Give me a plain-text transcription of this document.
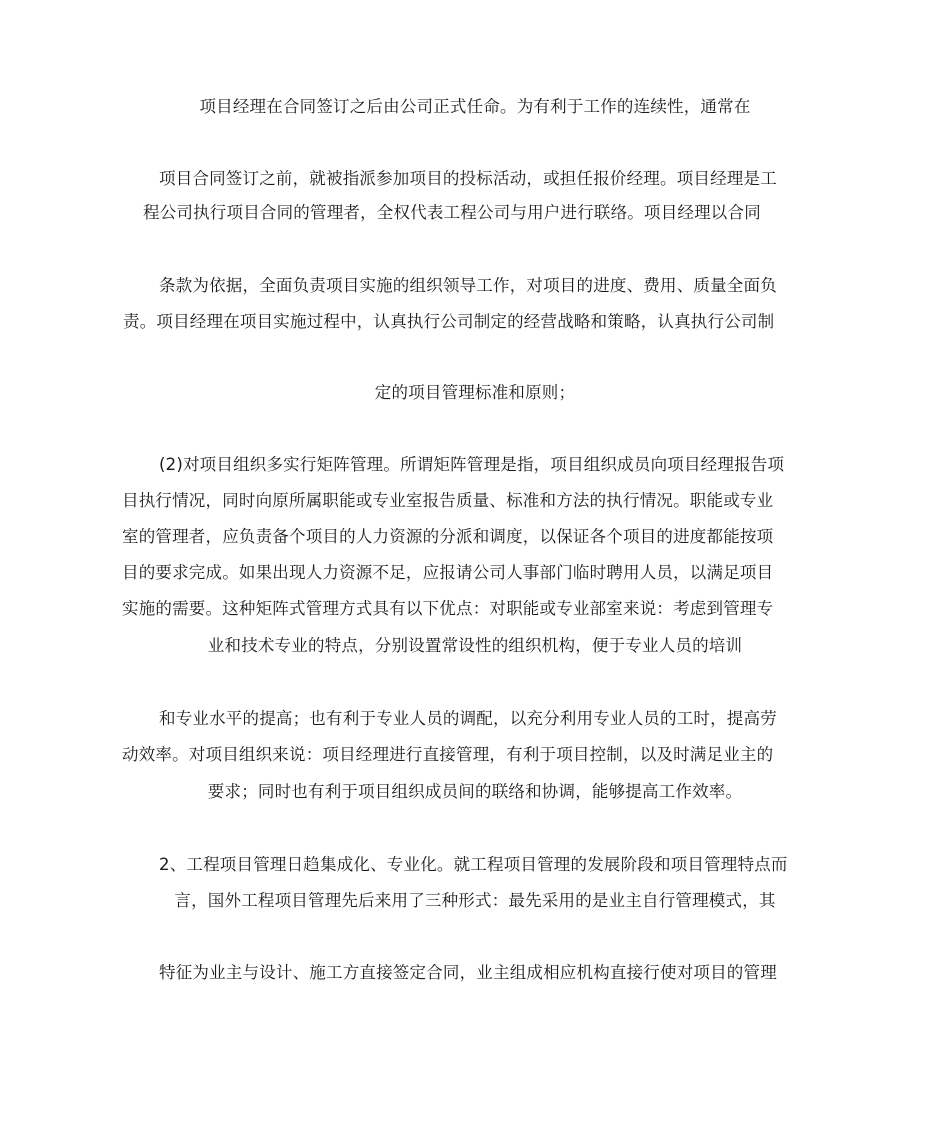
项目经理在合同签订之后由公司正式任命。为有利于工作的连续性，通常在
项目合同签订之前，就被指派参加项目的投标活动，或担任报价经理。项目经理是工
程公司执行项目合同的管理者，全权代表工程公司与用户进行联络。项目经理以合同
条款为依据，全面负责项目实施的组织领导工作，对项目的进度、费用、质量全面负
责。项目经理在项目实施过程中，认真执行公司制定的经营战略和策略，认真执行公司制
定的项目管理标准和原则；
(2)对项目组织多实行矩阵管理。所谓矩阵管理是指，项目组织成员向项目经理报告项
目执行情况，同时向原所属职能或专业室报告质量、标准和方法的执行情况。职能或专业
室的管理者，应负责备个项目的人力资源的分派和调度，以保证各个项目的进度都能按项
目的要求完成。如果出现人力资源不足，应报请公司人事部门临时聘用人员，以满足项目
实施的需要。这种矩阵式管理方式具有以下优点：对职能或专业部室来说：考虑到管理专
业和技术专业的特点，分别设置常设性的组织机构，便于专业人员的培训
和专业水平的提高；也有利于专业人员的调配，以充分利用专业人员的工时，提高劳
动效率。对项目组织来说：项目经理进行直接管理，有利于项目控制，以及时满足业主的
要求；同时也有利于项目组织成员间的联络和协调，能够提高工作效率。
2、工程项目管理日趋集成化、专业化。就工程项目管理的发展阶段和项目管理特点而
言，国外工程项目管理先后来用了三种形式：最先采用的是业主自行管理模式，其
特征为业主与设计、施工方直接签定合同，业主组成相应机构直接行使对项目的管理
